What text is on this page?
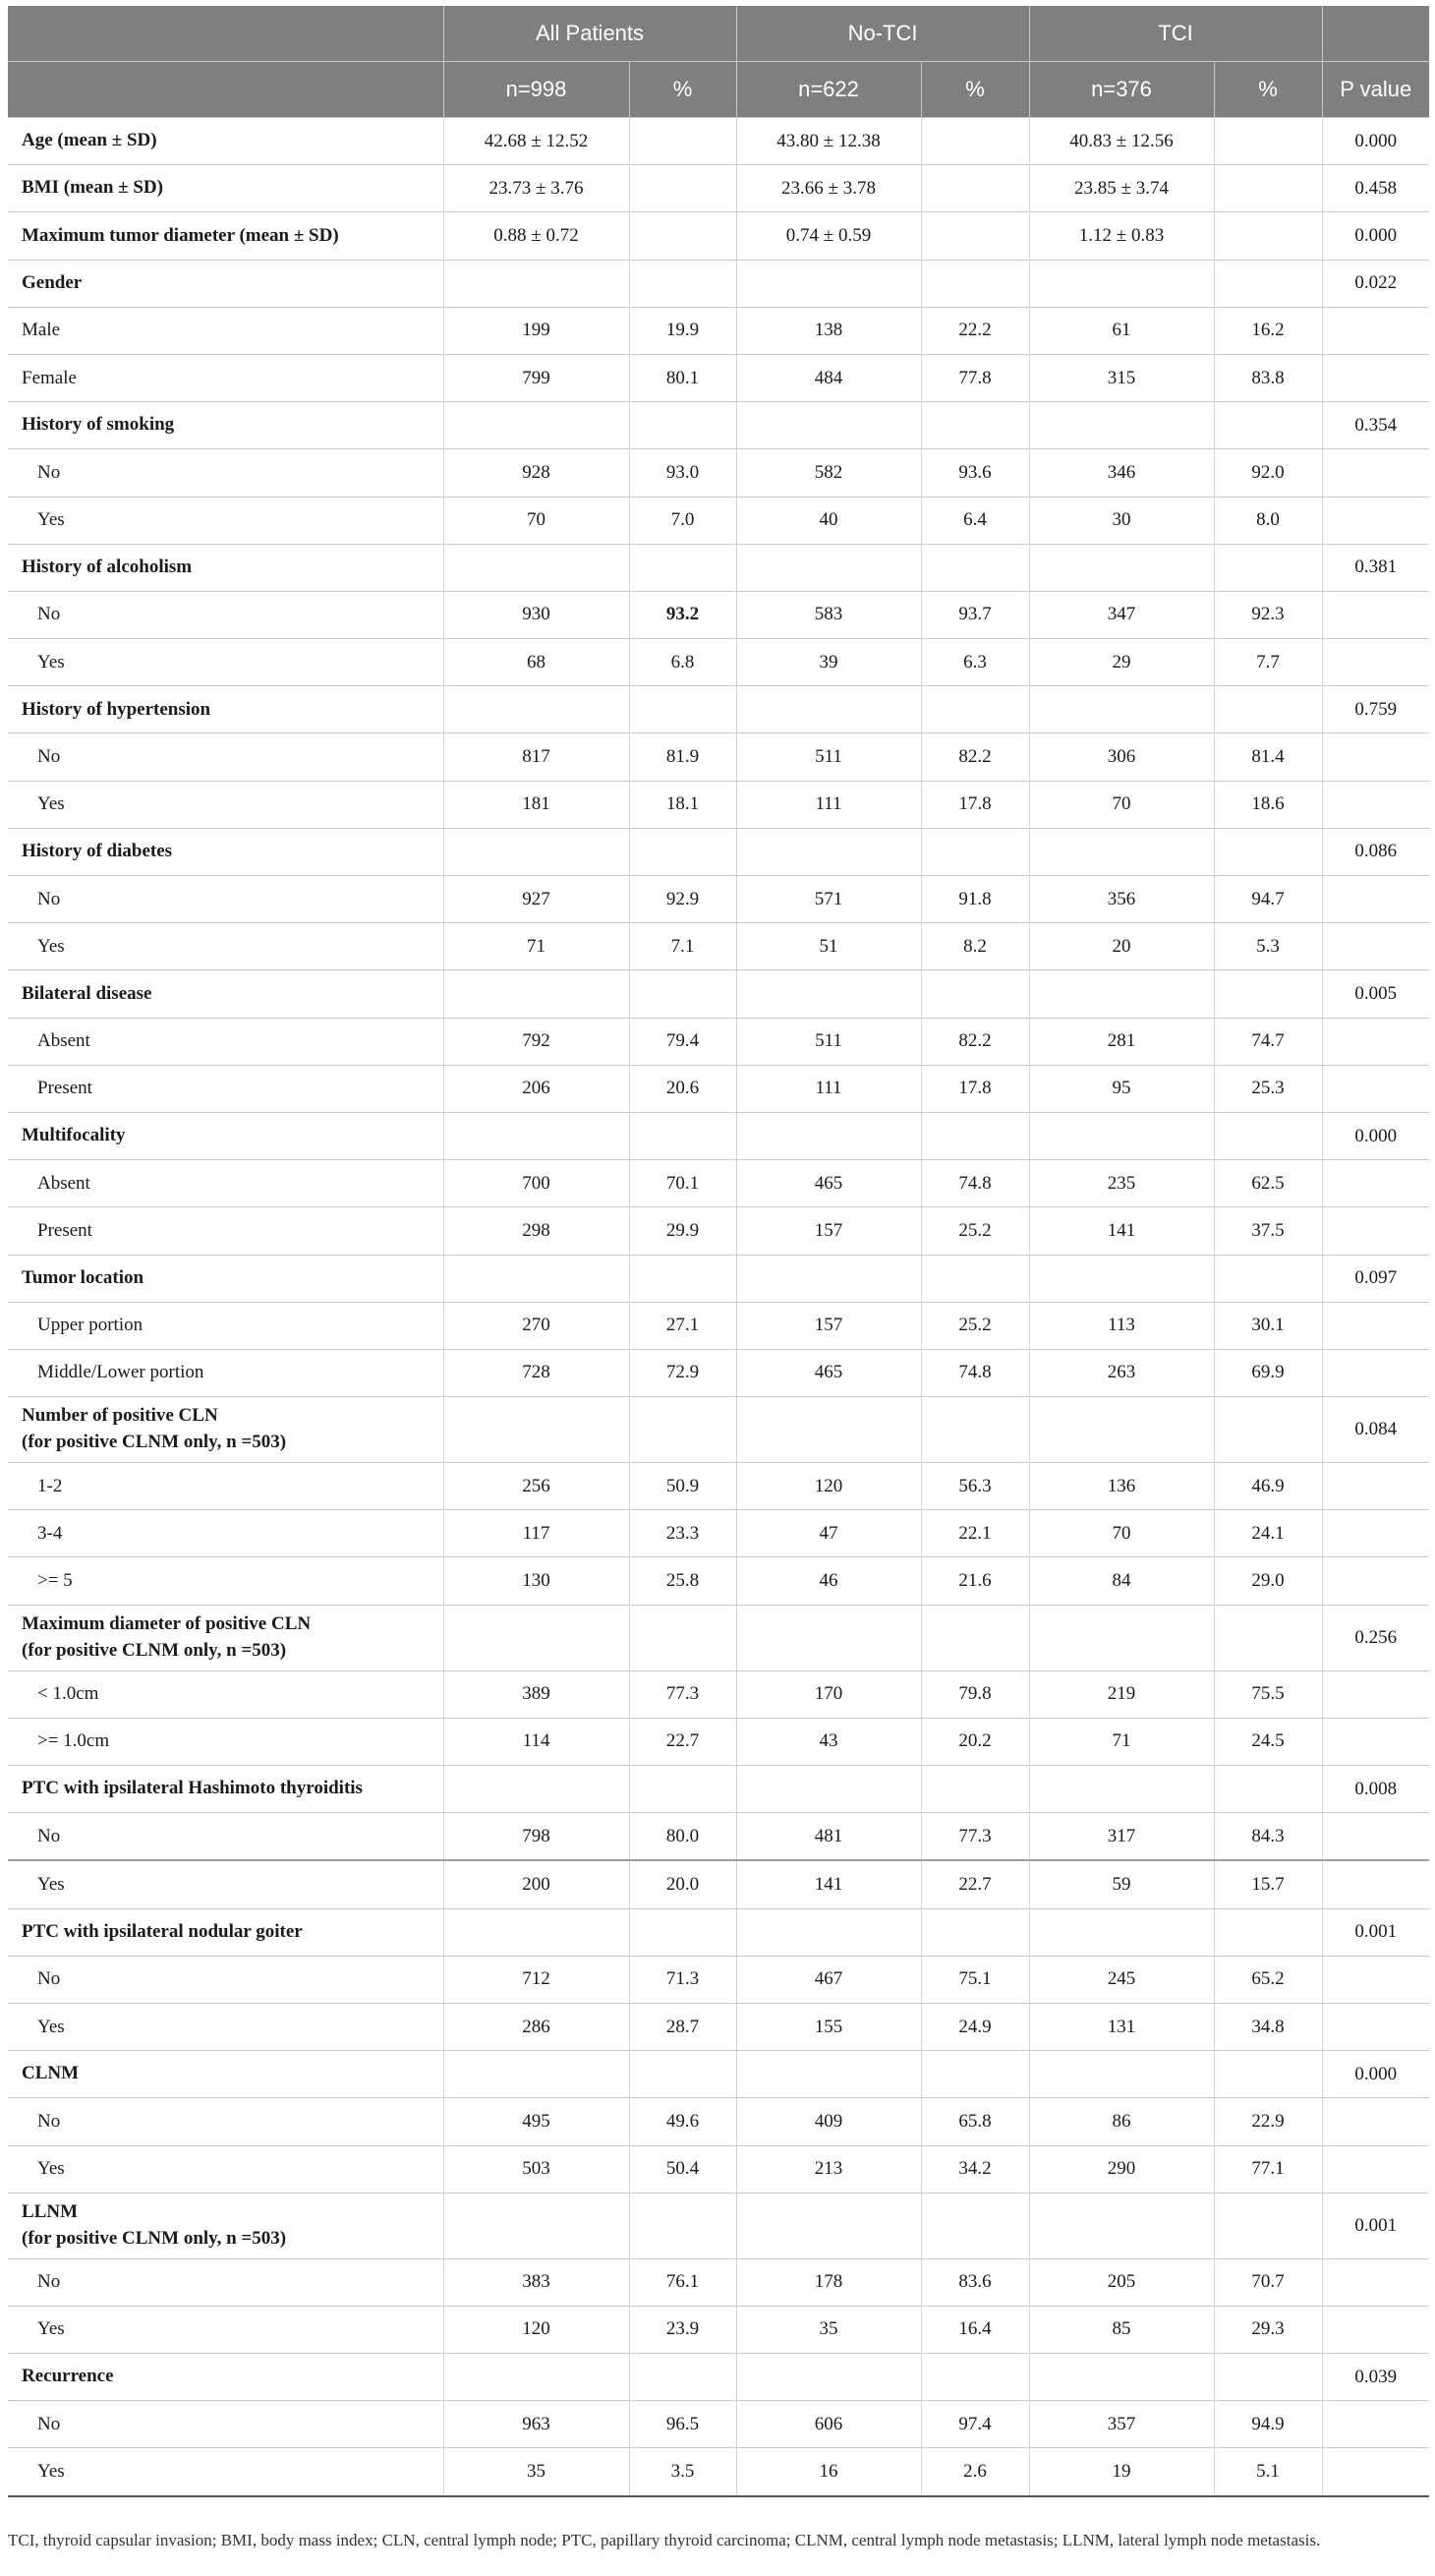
	All Patients		No-TCI		TCI		
	n=998	%	n=622	%	n=376	%	P value
Age (mean ± SD)	42.68 ± 12.52		43.80 ± 12.38		40.83 ± 12.56		0.000
BMI (mean ± SD)	23.73 ± 3.76		23.66 ± 3.78		23.85 ± 3.74		0.458
Maximum tumor diameter (mean ± SD)	0.88 ± 0.72		0.74 ± 0.59		1.12 ± 0.83		0.000
Gender							0.022
Male	199	19.9	138	22.2	61	16.2	
Female	799	80.1	484	77.8	315	83.8	
History of smoking							0.354
No	928	93.0	582	93.6	346	92.0	
Yes	70	7.0	40	6.4	30	8.0	
History of alcoholism							0.381
No	930	93.2	583	93.7	347	92.3	
Yes	68	6.8	39	6.3	29	7.7	
History of hypertension							0.759
No	817	81.9	511	82.2	306	81.4	
Yes	181	18.1	111	17.8	70	18.6	
History of diabetes							0.086
No	927	92.9	571	91.8	356	94.7	
Yes	71	7.1	51	8.2	20	5.3	
Bilateral disease							0.005
Absent	792	79.4	511	82.2	281	74.7	
Present	206	20.6	111	17.8	95	25.3	
Multifocality							0.000
Absent	700	70.1	465	74.8	235	62.5	
Present	298	29.9	157	25.2	141	37.5	
Tumor location							0.097
Upper portion	270	27.1	157	25.2	113	30.1	
Middle/Lower portion	728	72.9	465	74.8	263	69.9	
Number of positive CLN
(for positive CLNM only, n =503)							0.084
1-2	256	50.9	120	56.3	136	46.9	
3-4	117	23.3	47	22.1	70	24.1	
>= 5	130	25.8	46	21.6	84	29.0	
Maximum diameter of positive CLN
(for positive CLNM only, n =503)							0.256
< 1.0cm	389	77.3	170	79.8	219	75.5	
>= 1.0cm	114	22.7	43	20.2	71	24.5	
PTC with ipsilateral Hashimoto thyroiditis							0.008
No	798	80.0	481	77.3	317	84.3	
Yes	200	20.0	141	22.7	59	15.7	
PTC with ipsilateral nodular goiter							0.001
No	712	71.3	467	75.1	245	65.2	
Yes	286	28.7	155	24.9	131	34.8	
CLNM							0.000
No	495	49.6	409	65.8	86	22.9	
Yes	503	50.4	213	34.2	290	77.1	
LLNM
(for positive CLNM only, n =503)							0.001
No	383	76.1	178	83.6	205	70.7	
Yes	120	23.9	35	16.4	85	29.3	
Recurrence							0.039
No	963	96.5	606	97.4	357	94.9	
Yes	35	3.5	16	2.6	19	5.1	
TCI, thyroid capsular invasion; BMI, body mass index; CLN, central lymph node; PTC, papillary thyroid carcinoma; CLNM, central lymph node metastasis; LLNM, lateral lymph node metastasis.
